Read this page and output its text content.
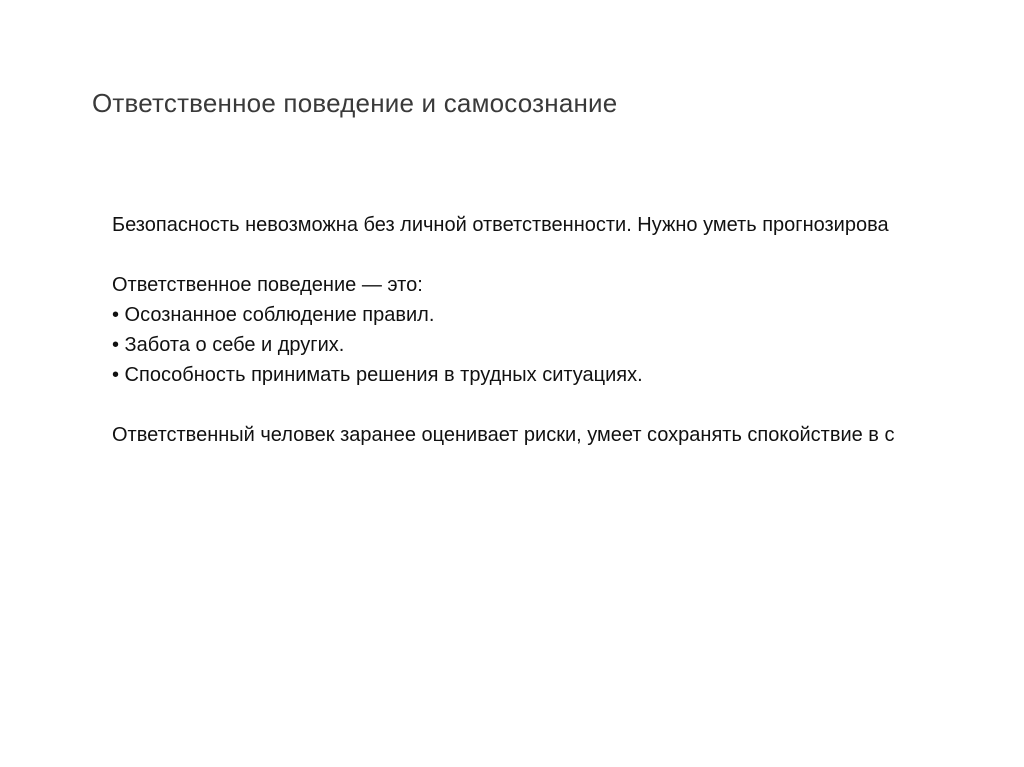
Ответственное поведение и самосознание

Безопасность невозможна без личной ответственности. Нужно уметь прогнозирова

Ответственное поведение — это:

• Осознанное соблюдение правил.

• Забота о себе и других.

• Способность принимать решения в трудных ситуациях.

Ответственный человек заранее оценивает риски, умеет сохранять спокойствие в с
